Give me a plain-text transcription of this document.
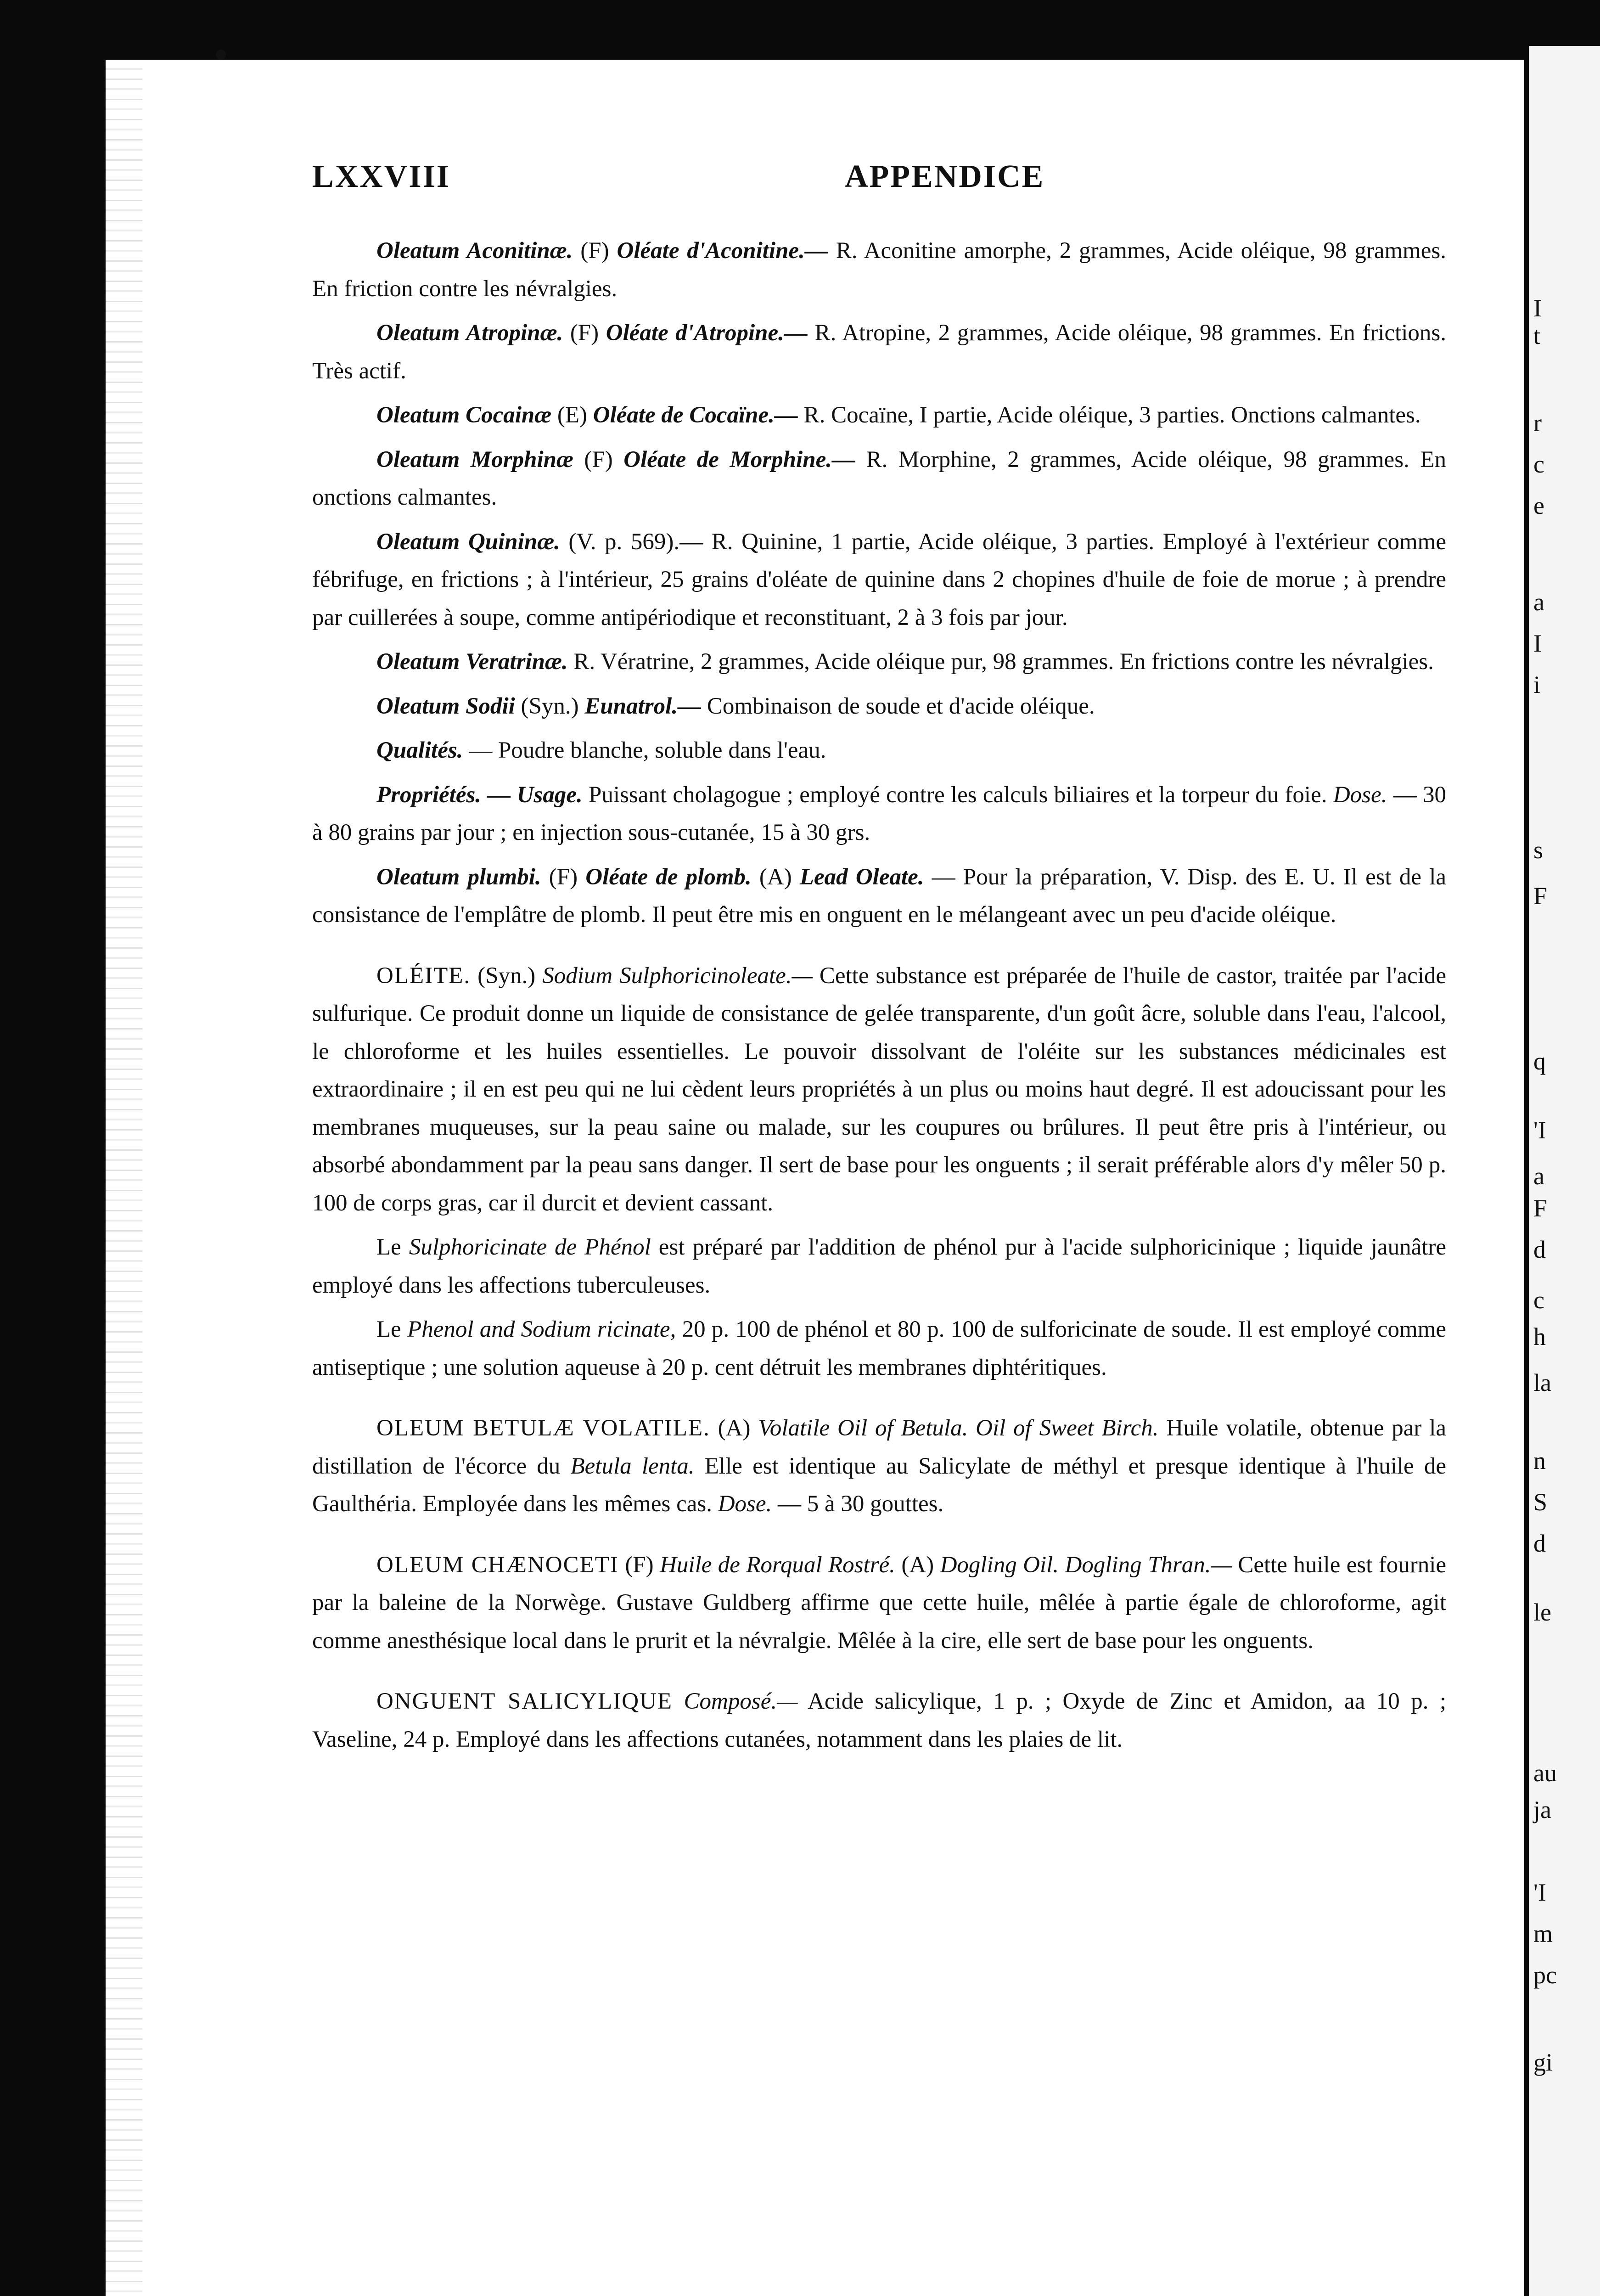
I
t
r
c
e
a
I
i
s
F
q
'I
a
F
d
c
h
la
n
S
d
le
au
ja
'I
m
pc
gi
LXXVIII	APPENDICE

Oleatum Aconitinæ. (F) Oléate d'Aconitine.— R. Aconitine amorphe, 2 grammes, Acide oléique, 98 grammes. En friction contre les névralgies.

Oleatum Atropinæ. (F) Oléate d'Atropine.— R. Atropine, 2 grammes, Acide oléique, 98 grammes. En frictions. Très actif.

Oleatum Cocainæ (E) Oléate de Cocaïne.— R. Cocaïne, I partie, Acide oléique, 3 parties. Onctions calmantes.

Oleatum Morphinæ (F) Oléate de Morphine.— R. Morphine, 2 grammes, Acide oléique, 98 grammes. En onctions calmantes.

Oleatum Quininæ. (V. p. 569).— R. Quinine, 1 partie, Acide oléique, 3 parties. Employé à l'extérieur comme fébrifuge, en frictions ; à l'intérieur, 25 grains d'oléate de quinine dans 2 chopines d'huile de foie de morue ; à prendre par cuillerées à soupe, comme antipériodique et reconstituant, 2 à 3 fois par jour.

Oleatum Veratrinæ. R. Vératrine, 2 grammes, Acide oléique pur, 98 grammes. En frictions contre les névralgies.

Oleatum Sodii (Syn.) Eunatrol.— Combinaison de soude et d'acide oléique.

Qualités. — Poudre blanche, soluble dans l'eau.

Propriétés. — Usage. Puissant cholagogue ; employé contre les calculs biliaires et la torpeur du foie. Dose. — 30 à 80 grains par jour ; en injection sous-cutanée, 15 à 30 grs.

Oleatum plumbi. (F) Oléate de plomb. (A) Lead Oleate. — Pour la préparation, V. Disp. des E. U. Il est de la consistance de l'emplâtre de plomb. Il peut être mis en onguent en le mélangeant avec un peu d'acide oléique.

OLÉITE. (Syn.) Sodium Sulphoricinoleate.— Cette substance est préparée de l'huile de castor, traitée par l'acide sulfurique. Ce produit donne un liquide de consistance de gelée transparente, d'un goût âcre, soluble dans l'eau, l'alcool, le chloroforme et les huiles essentielles. Le pouvoir dissolvant de l'oléite sur les substances médicinales est extraordinaire ; il en est peu qui ne lui cèdent leurs propriétés à un plus ou moins haut degré. Il est adoucissant pour les membranes muqueuses, sur la peau saine ou malade, sur les coupures ou brûlures. Il peut être pris à l'intérieur, ou absorbé abondamment par la peau sans danger. Il sert de base pour les onguents ; il serait préférable alors d'y mêler 50 p. 100 de corps gras, car il durcit et devient cassant.

Le Sulphoricinate de Phénol est préparé par l'addition de phénol pur à l'acide sulphoricinique ; liquide jaunâtre employé dans les affections tuberculeuses.

Le Phenol and Sodium ricinate, 20 p. 100 de phénol et 80 p. 100 de sulforicinate de soude. Il est employé comme antiseptique ; une solution aqueuse à 20 p. cent détruit les membranes diphtéritiques.

OLEUM BETULÆ VOLATILE. (A) Volatile Oil of Betula. Oil of Sweet Birch. Huile volatile, obtenue par la distillation de l'écorce du Betula lenta. Elle est identique au Salicylate de méthyl et presque identique à l'huile de Gaulthéria. Employée dans les mêmes cas. Dose. — 5 à 30 gouttes.

OLEUM CHÆNOCETI (F) Huile de Rorqual Rostré. (A) Dogling Oil. Dogling Thran.— Cette huile est fournie par la baleine de la Norwège. Gustave Guldberg affirme que cette huile, mêlée à partie égale de chloroforme, agit comme anesthésique local dans le prurit et la névralgie. Mêlée à la cire, elle sert de base pour les onguents.

ONGUENT SALICYLIQUE Composé.— Acide salicylique, 1 p. ; Oxyde de Zinc et Amidon, aa 10 p. ; Vaseline, 24 p. Employé dans les affections cutanées, notamment dans les plaies de lit.
